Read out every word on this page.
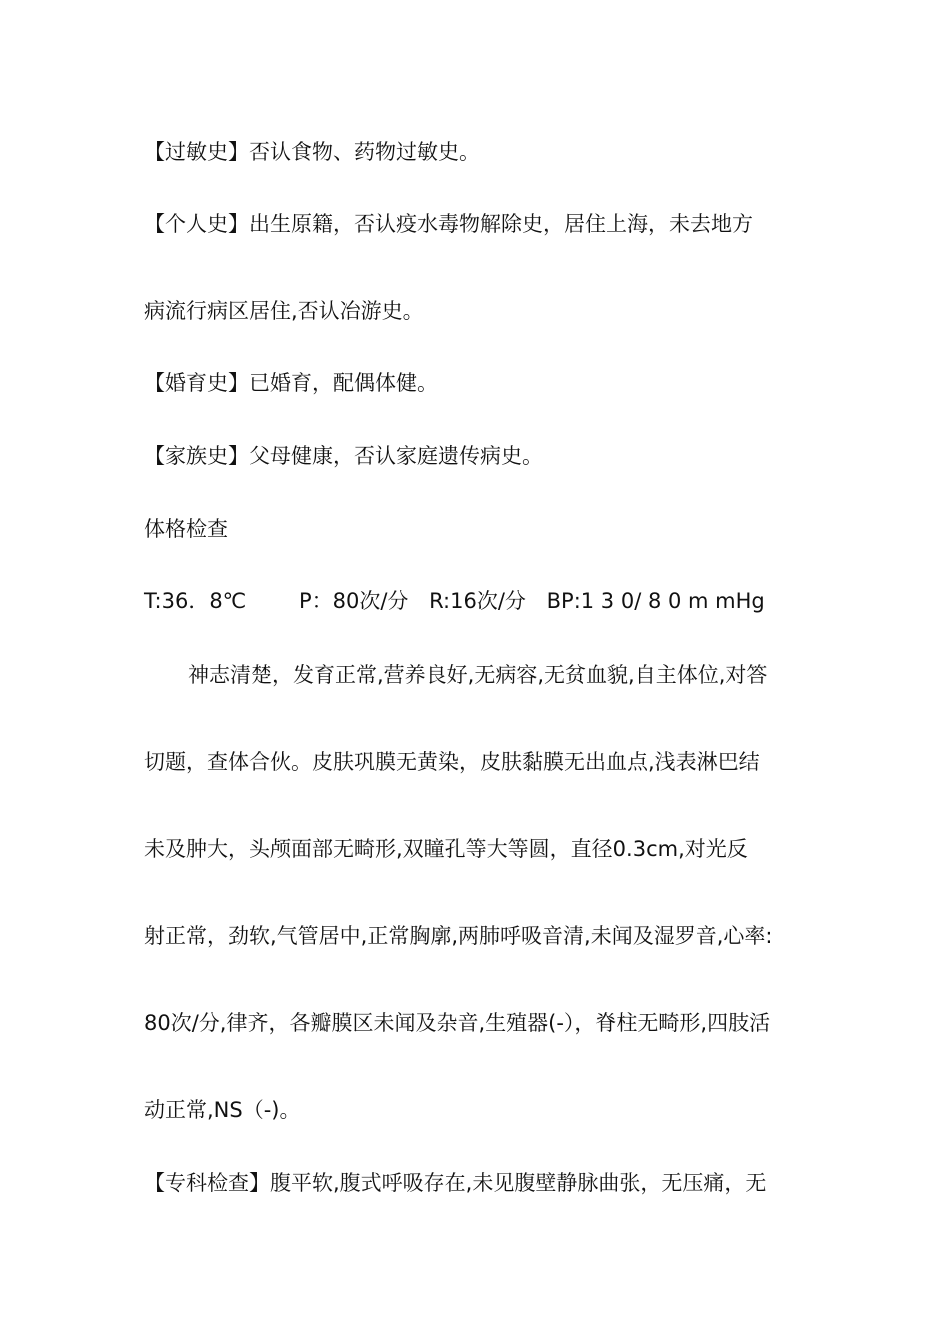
【过敏史】否认食物、药物过敏史。
【个人史】出生原籍，否认疫水毒物解除史，居住上海，未去地方
病流行病区居住,否认冶游史。
【婚育史】已婚育，配偶体健。
【家族史】父母健康，否认家庭遗传病史。
体格检查
T:36．8℃	P：80次/分 R:16次/分 BP:1 3 0/ 8 0 m mHg
神志清楚，发育正常,营养良好,无病容,无贫血貌,自主体位,对答
切题，查体合伙。皮肤巩膜无黄染，皮肤黏膜无出血点,浅表淋巴结
未及肿大，头颅面部无畸形,双瞳孔等大等圆，直径0.3cm,对光反
射正常，劲软,气管居中,正常胸廓,两肺呼吸音清,未闻及湿罗音,心率:
80次/分,律齐，各瓣膜区未闻及杂音,生殖器(-），脊柱无畸形,四肢活
动正常,NS（-)。
【专科检查】腹平软,腹式呼吸存在,未见腹壁静脉曲张，无压痛，无
